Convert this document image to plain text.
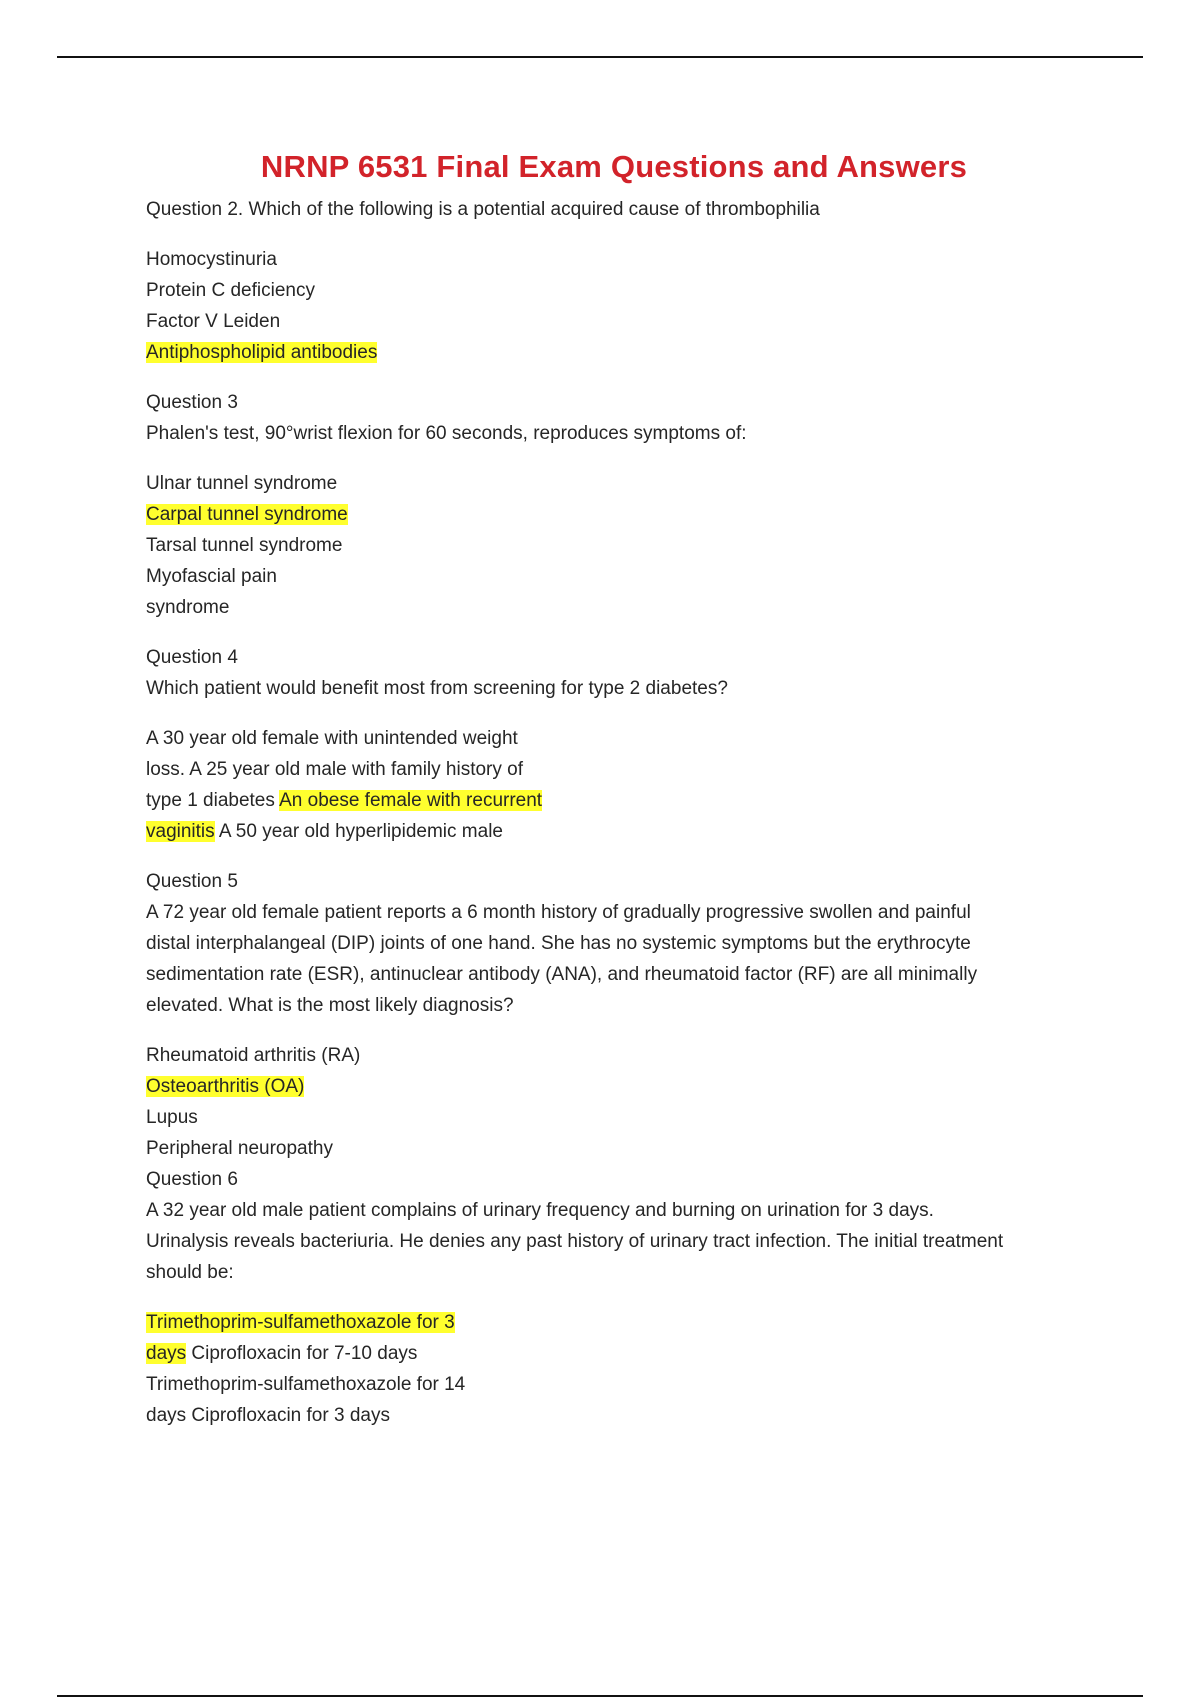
NRNP 6531 Final Exam Questions and Answers

Question 2. Which of the following is a potential acquired cause of thrombophilia

Homocystinuria

Protein C deficiency

Factor V Leiden

Antiphospholipid antibodies

Question 3

Phalen's test, 90°wrist flexion for 60 seconds, reproduces symptoms of:

Ulnar tunnel syndrome

Carpal tunnel syndrome

Tarsal tunnel syndrome

Myofascial pain

syndrome

Question 4

Which patient would benefit most from screening for type 2 diabetes?

A 30 year old female with unintended weight

loss. A 25 year old male with family history of

type 1 diabetes An obese female with recurrent

vaginitis A 50 year old hyperlipidemic male

Question 5

A 72 year old female patient reports a 6 month history of gradually progressive swollen and painful

distal interphalangeal (DIP) joints of one hand. She has no systemic symptoms but the erythrocyte

sedimentation rate (ESR), antinuclear antibody (ANA), and rheumatoid factor (RF) are all minimally

elevated. What is the most likely diagnosis?

Rheumatoid arthritis (RA)

Osteoarthritis (OA)

Lupus

Peripheral neuropathy

Question 6

A 32 year old male patient complains of urinary frequency and burning on urination for 3 days.

Urinalysis reveals bacteriuria. He denies any past history of urinary tract infection. The initial treatment

should be:

Trimethoprim-sulfamethoxazole for 3

days Ciprofloxacin for 7-10 days

Trimethoprim-sulfamethoxazole for 14

days Ciprofloxacin for 3 days
